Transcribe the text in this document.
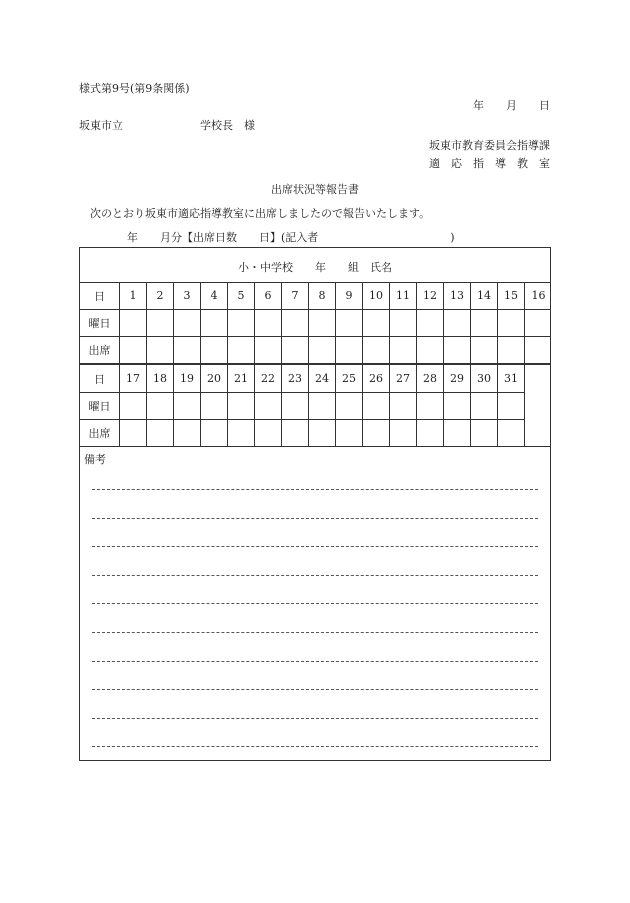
様式第9号(第9条関係)
年　　月　　日
坂東市立　　　　　　　学校長　様
坂東市教育委員会指導課
適　応　指　導　教　室
出席状況等報告書
次のとおり坂東市適応指導教室に出席しましたので報告いたします。
年　　月分【出席日数　　日】(記入者　　　　　　　　　　　　)
小・中学校　　年　　組　氏名
日	1	2	3	4	5	6	7	8	9	10	11	12	13	14	15	16
曜日
出席
日	17	18	19	20	21	22	23	24	25	26	27	28	29	30	31
曜日
出席
備考
